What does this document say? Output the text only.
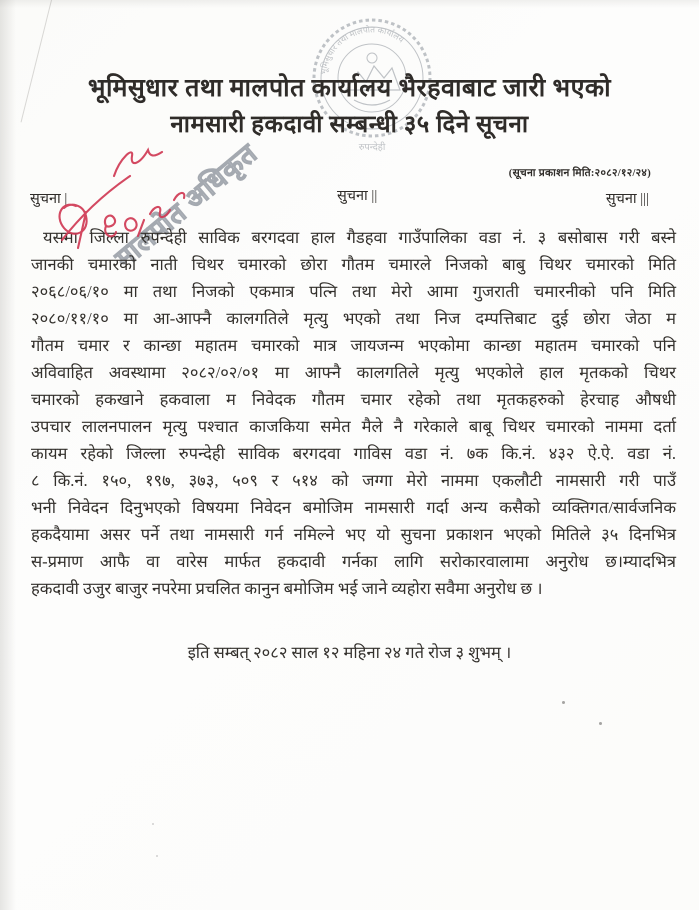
भूमिसुधार तथा मालपोत कार्यालय
रुपन्देही
भूमिसुधार तथा मालपोत कार्यालय भैरहवाबाट जारी भएको
नामसारी हकदावी सम्बन्धी ३५ दिने सूचना
(सूचना प्रकाशन मिति:२०८२/१२/२४)
सुचना |	सुचना ||	सुचना |||
मालपोत अधिकृत
यसमा जिल्ला रुपन्देही साविक बरगदवा हाल गैडहवा गाउँपालिका वडा नं. ३ बसोबास गरी बस्ने
जानकी चमारको नाती चिथर चमारको छोरा गौतम चमारले निजको बाबु चिथर चमारको मिति
२०६८/०६/१० मा तथा निजको एकमात्र पत्नि तथा मेरो आमा गुजराती चमारनीको पनि मिति
२०८०/११/१० मा आ-आफ्नै कालगतिले मृत्यु भएको तथा निज दम्पत्तिबाट दुई छोरा जेठा म
गौतम चमार र कान्छा महातम चमारको मात्र जायजन्म भएकोमा कान्छा महातम चमारको पनि
अविवाहित अवस्थामा २०८२/०२/०१ मा आफ्नै कालगतिले मृत्यु भएकोले हाल मृतकको चिथर
चमारको हकखाने हकवाला म निवेदक गौतम चमार रहेको तथा मृतकहरुको हेरचाह औषधी
उपचार लालनपालन मृत्यु पश्चात काजकिया समेत मैले नै गरेकाले बाबू चिथर चमारको नाममा दर्ता
कायम रहेको जिल्ला रुपन्देही साविक बरगदवा गाविस वडा नं. ७क कि.नं. ४३२ ऐ.ऐ. वडा नं.
८ कि.नं. १५०, १९७, ३७३, ५०९ र ५१४ को जग्गा मेरो नाममा एकलौटी नामसारी गरी पाउँ
भनी निवेदन दिनुभएको विषयमा निवेदन बमोजिम नामसारी गर्दा अन्य कसैको व्यक्तिगत/सार्वजनिक
हकदैयामा असर पर्ने तथा नामसारी गर्न नमिल्ने भए यो सुचना प्रकाशन भएको मितिले ३५ दिनभित्र
स-प्रमाण आफै वा वारेस मार्फत हकदावी गर्नका लागि सरोकारवालामा अनुरोध छ।म्यादभित्र
हकदावी उजुर बाजुर नपरेमा प्रचलित कानुन बमोजिम भई जाने व्यहोरा सवैमा अनुरोध छ ।
इति सम्बत् २०८२ साल १२ महिना २४ गते रोज ३ शुभम् ।
